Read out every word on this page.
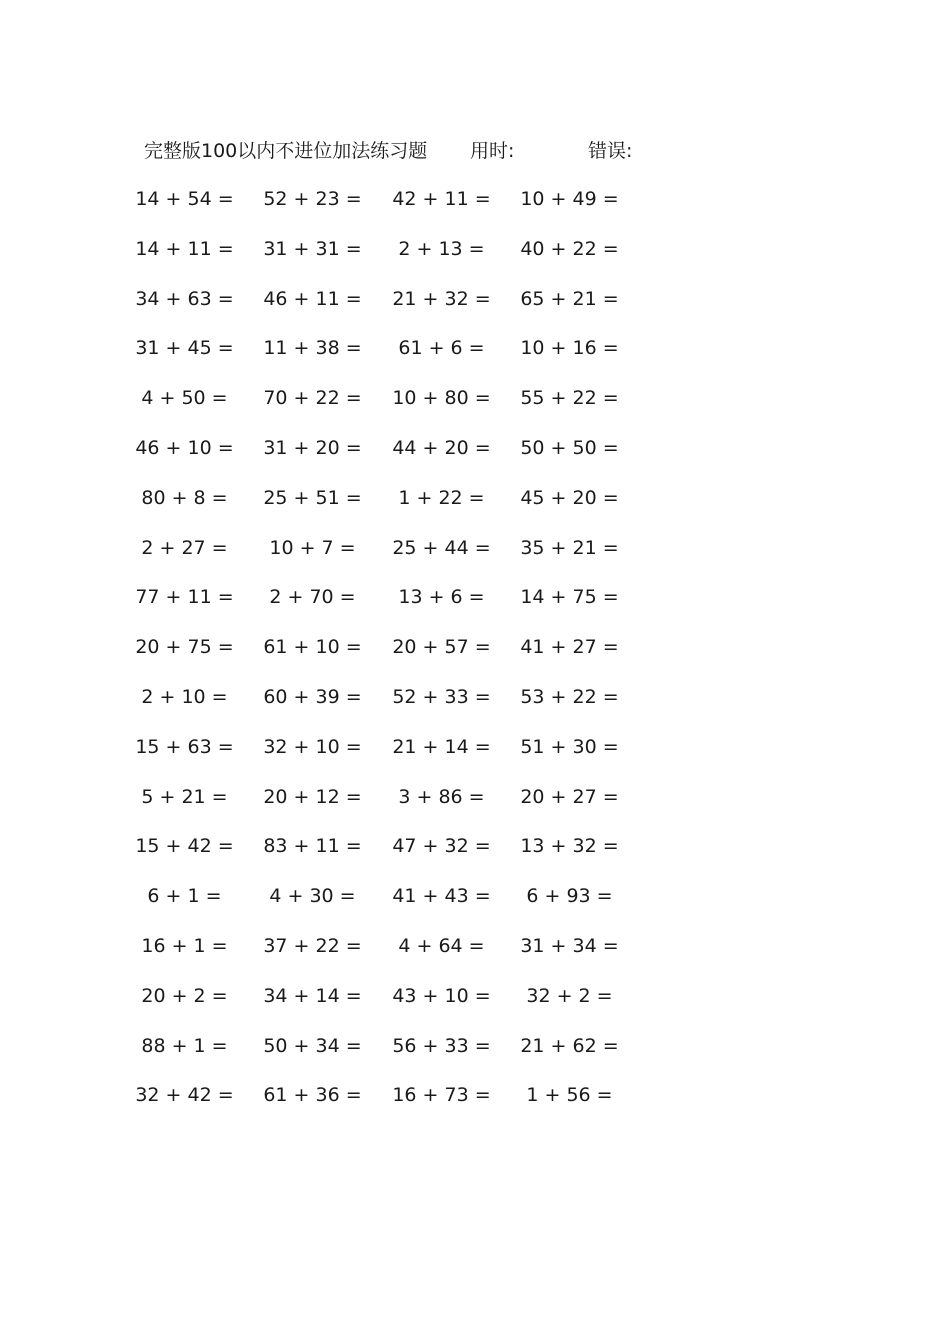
完整版100以内不进位加法练习题 用时:	错误:
14 + 54 = 52 + 23 = 42 + 11 = 10 + 49 =
14 + 11 = 31 + 31 =	2 + 13 =	40 + 22 =
34 + 63 = 46 + 11 = 21 + 32 = 65 + 21 =
31 + 45 = 11 + 38 =	61 + 6 =	10 + 16 =
4 + 50 =	70 + 22 = 10 + 80 = 55 + 22 =
46 + 10 = 31 + 20 = 44 + 20 = 50 + 50 =
80 + 8 =	25 + 51 =	1 + 22 =	45 + 20 =
2 + 27 =	10 + 7 =	25 + 44 = 35 + 21 =
77 + 11 =	2 + 70 =	13 + 6 =	14 + 75 =
20 + 75 = 61 + 10 = 20 + 57 = 41 + 27 =
2 + 10 =	60 + 39 = 52 + 33 = 53 + 22 =
15 + 63 = 32 + 10 = 21 + 14 = 51 + 30 =
5 + 21 =	20 + 12 =	3 + 86 =	20 + 27 =
15 + 42 = 83 + 11 = 47 + 32 = 13 + 32 =
6 + 1 =	4 + 30 =	41 + 43 =	6 + 93 =
16 + 1 =	37 + 22 =	4 + 64 =	31 + 34 =
20 + 2 =	34 + 14 = 43 + 10 =	32 + 2 =
88 + 1 =	50 + 34 = 56 + 33 = 21 + 62 =
32 + 42 = 61 + 36 = 16 + 73 =	1 + 56 =
